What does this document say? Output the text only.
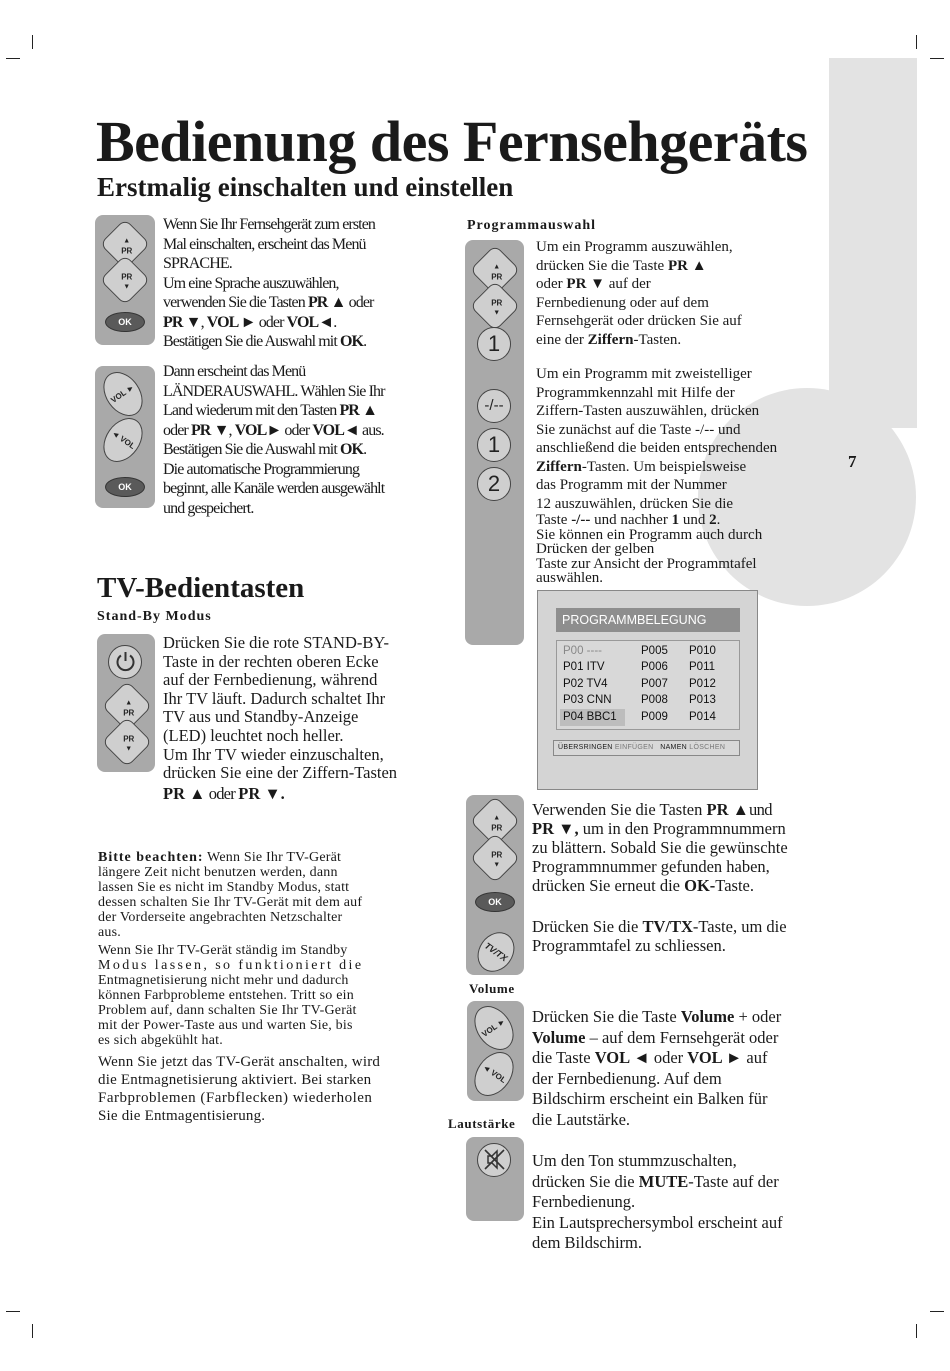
7
Bedienung des Fernsehgeräts
Erstmalig einschalten und einstellen
▲
PR
PR
▼
OK
Wenn Sie Ihr Fernsehgerät zum ersten
Mal einschalten, erscheint das Menü
SPRACHE.
Um eine Sprache auszuwählen,
verwenden Sie die Tasten PR ▲ oder
PR ▼, VOL ► oder VOL◄.
Bestätigen Sie die Auswahl mit OK.
VOL ►
◄ VOL
OK
Dann erscheint das Menü
LÄNDERAUSWAHL. Wählen Sie Ihr
Land wiederum mit den Tasten PR ▲
oder PR ▼, VOL► oder VOL◄ aus.
Bestätigen Sie die Auswahl mit OK.
Die automatische Programmierung
beginnt, alle Kanäle werden ausgewählt
und gespeichert.
TV-Bedientasten
Stand-By Modus
▲
PR
PR
▼
Drücken Sie die rote STAND-BY-
Taste in der rechten oberen Ecke
auf der Fernbedienung, während
Ihr TV läuft. Dadurch schaltet Ihr
TV aus und Standby-Anzeige
(LED) leuchtet noch heller.
Um Ihr TV wieder einzuschalten,
drücken Sie eine der Ziffern-Tasten
PR ▲ oder PR ▼.
Bitte beachten: Wenn Sie Ihr TV-Gerät
längere Zeit nicht benutzen werden, dann
lassen Sie es nicht im Standby Modus, statt
dessen schalten Sie Ihr TV-Gerät mit dem auf
der Vorderseite angebrachten Netzschalter
aus.
Wenn Sie Ihr TV-Gerät ständig im Standby
Modus lassen, so funktioniert die
Entmagnetisierung nicht mehr und dadurch
können Farbprobleme entstehen. Tritt so ein
Problem auf, dann schalten Sie Ihr TV-Gerät
mit der Power-Taste aus und warten Sie, bis
es sich abgekühlt hat.
Wenn Sie jetzt das TV-Gerät anschalten, wird
die Entmagnetisierung aktiviert. Bei starken
Farbproblemen (Farbflecken) wiederholen
Sie die Entmagentisierung.
Programmauswahl
▲
PR
PR
▼
1
-/--
1
2
Um ein Programm auszuwählen,
drücken Sie die Taste PR ▲
oder PR ▼ auf der
Fernbedienung oder auf dem
Fernsehgerät oder drücken Sie auf
eine der Ziffern-Tasten.
Um ein Programm mit zweistelliger
Programmkennzahl mit Hilfe der
Ziffern-Tasten auszuwählen, drücken
Sie zunächst auf die Taste -/-- und
anschließend die beiden entsprechenden
Ziffern-Tasten. Um beispielsweise
das Programm mit der Nummer
12 auszuwählen, drücken Sie die
Taste -/-- und nachher 1 und 2.
Sie können ein Programm auch durch
Drücken der gelben
Taste zur Ansicht der Programmtafel
auswählen.
PROGRAMMBELEGUNG
P00 ----
P01 ITV
P02 TV4
P03 CNN
P04 BBC1
P005
P006
P007
P008
P009
P010
P011
P012
P013
P014
ÜBERSRINGEN EINFÜGEN NAMEN LÖSCHEN
▲
PR
PR
▼
OK
TV/TX
Verwenden Sie die Tasten PR ▲und
PR ▼, um in den Programmnummern
zu blättern. Sobald Sie die gewünschte
Programmnummer gefunden haben,
drücken Sie erneut die OK-Taste.
Drücken Sie die TV/TX-Taste, um die
Programmtafel zu schliessen.
Volume
VOL ►
◄ VOL
Drücken Sie die Taste Volume + oder
Volume – auf dem Fernsehgerät oder
die Taste VOL ◄ oder VOL ► auf
der Fernbedienung. Auf dem
Bildschirm erscheint ein Balken für
die Lautstärke.
Lautstärke
Um den Ton stummzuschalten,
drücken Sie die MUTE-Taste auf der
Fernbedienung.
Ein Lautsprechersymbol erscheint auf
dem Bildschirm.
